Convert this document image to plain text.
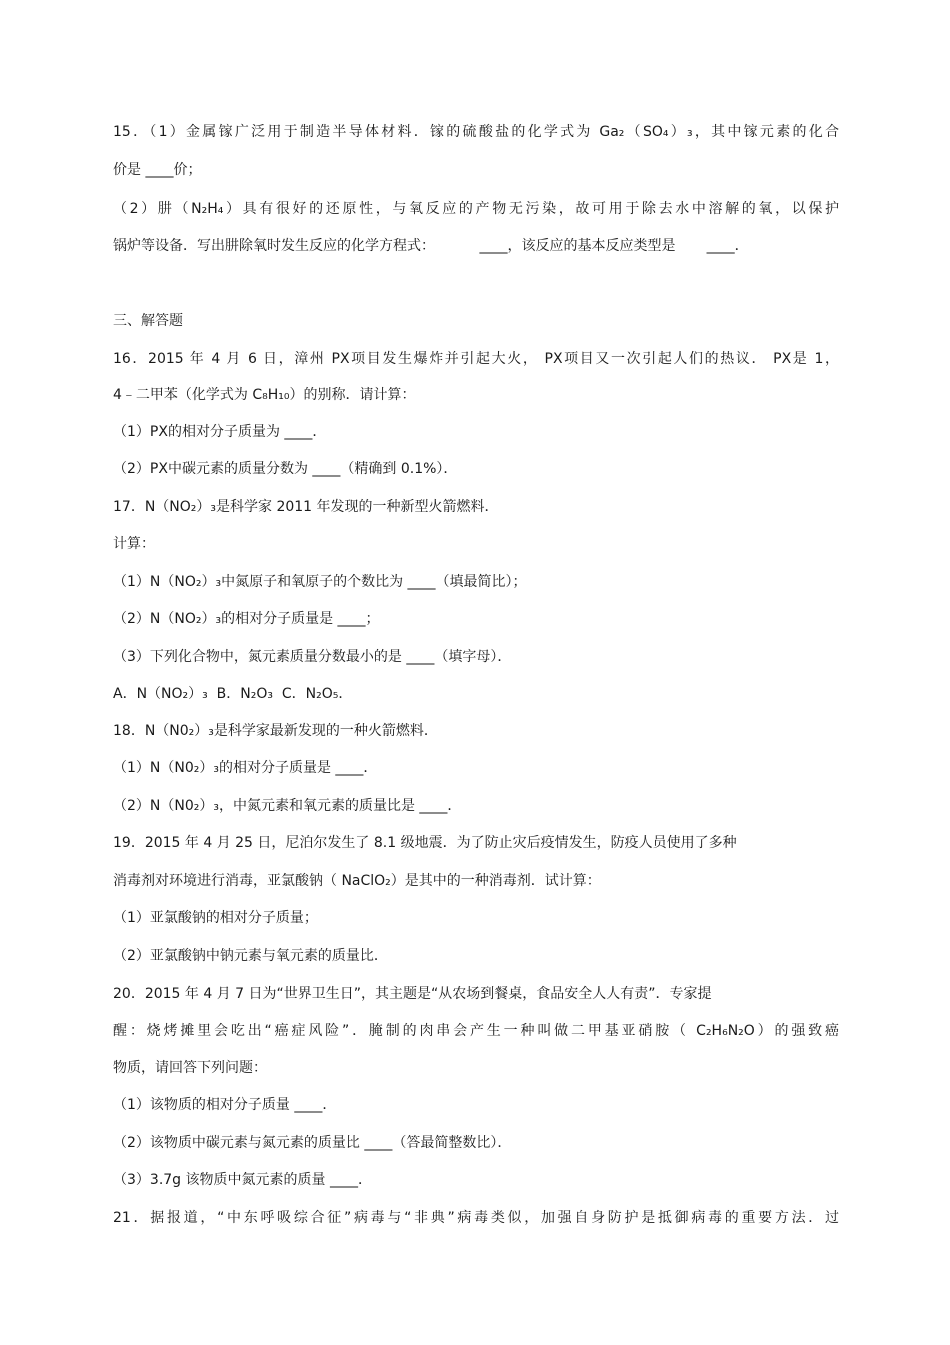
15．（1）金属镓广泛用于制造半导体材料．镓的硫酸盐的化学式为 Ga₂（SO₄）₃，其中镓元素的化合
价是 ____价；
（2）肼（N₂H₄）具有很好的还原性，与氧反应的产物无污染，故可用于除去水中溶解的氧，以保护
锅炉等设备．写出肼除氧时发生反应的化学方程式：          ____，该反应的基本反应类型是       ____．
三、解答题
16．2015 年 4 月 6 日，漳州 PX项目发生爆炸并引起大火， PX项目又一次引起人们的热议． PX是 1，
4﹣二甲苯（化学式为 C₈H₁₀）的别称．请计算：
（1）PX的相对分子质量为 ____．
（2）PX中碳元素的质量分数为 ____（精确到 0.1%）．
17．N（NO₂）₃是科学家 2011 年发现的一种新型火箭燃料．
计算：
（1）N（NO₂）₃中氮原子和氧原子的个数比为 ____（填最简比）；
（2）N（NO₂）₃的相对分子质量是 ____；
（3）下列化合物中，氮元素质量分数最小的是 ____（填字母）．
A．N（NO₂）₃  B．N₂O₃  C．N₂O₅．
18．N（N0₂）₃是科学家最新发现的一种火箭燃料．
（1）N（N0₂）₃的相对分子质量是 ____．
（2）N（N0₂）₃，中氮元素和氧元素的质量比是 ____．
19．2015 年 4 月 25 日，尼泊尔发生了 8.1 级地震．为了防止灾后疫情发生，防疫人员使用了多种
消毒剂对环境进行消毒，亚氯酸钠（ NaClO₂）是其中的一种消毒剂．试计算：
（1）亚氯酸钠的相对分子质量；
（2）亚氯酸钠中钠元素与氧元素的质量比．
20．2015 年 4 月 7 日为“世界卫生日”，其主题是“从农场到餐桌，食品安全人人有责”．专家提
醒：烧烤摊里会吃出“癌症风险”．腌制的肉串会产生一种叫做二甲基亚硝胺（ C₂H₆N₂O）的强致癌
物质，请回答下列问题：
（1）该物质的相对分子质量 ____．
（2）该物质中碳元素与氮元素的质量比 ____（答最简整数比）．
（3）3.7g 该物质中氮元素的质量 ____．
21．据报道，“中东呼吸综合征”病毒与“非典”病毒类似，加强自身防护是抵御病毒的重要方法．过
